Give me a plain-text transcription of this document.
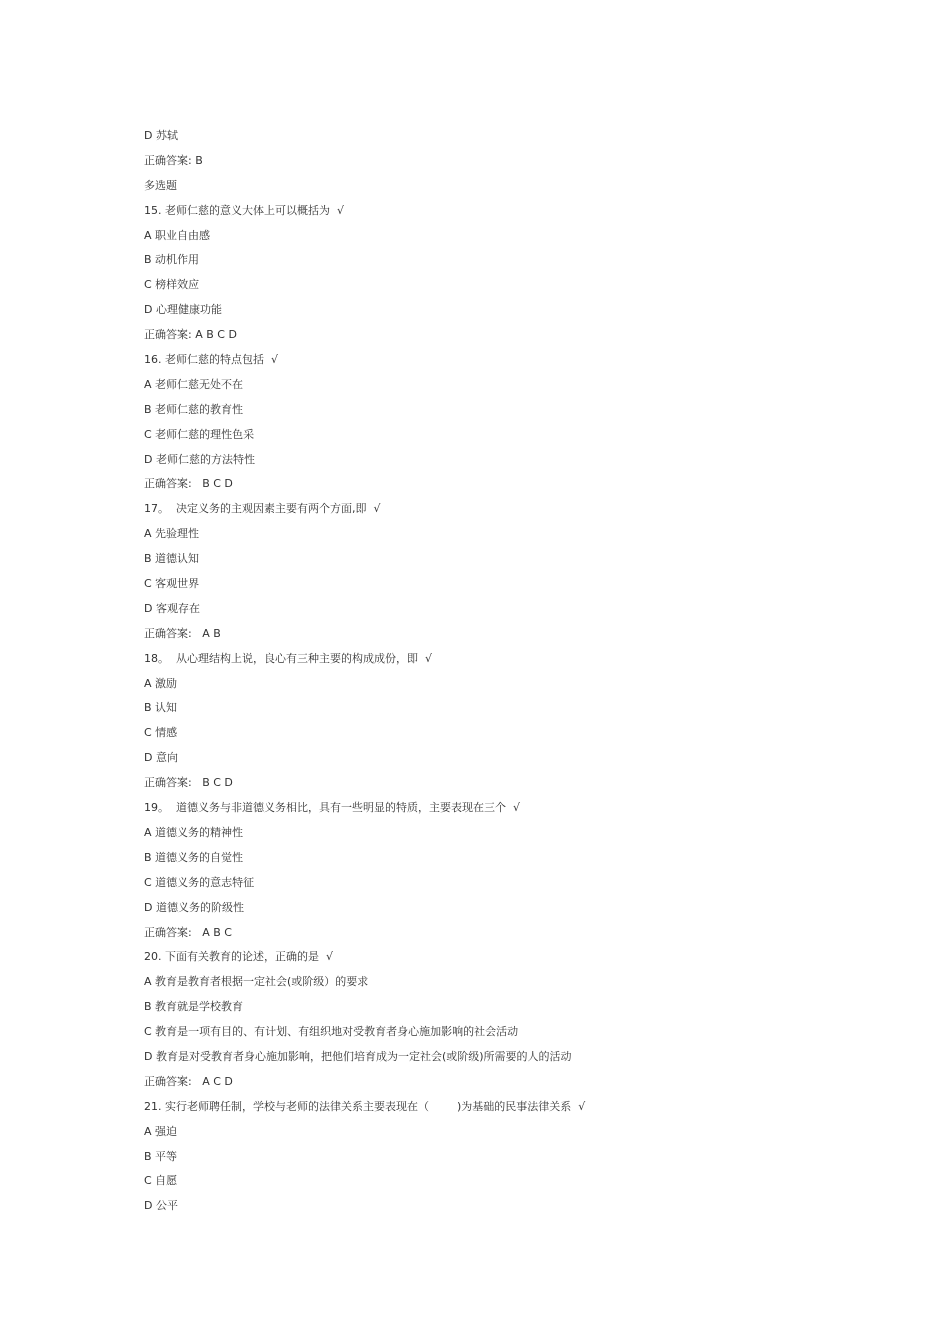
D 苏轼
正确答案: B
多选题
15. 老师仁慈的意义大体上可以概括为  √
A 职业自由感
B 动机作用
C 榜样效应
D 心理健康功能
正确答案: A B C D
16. 老师仁慈的特点包括  √
A 老师仁慈无处不在
B 老师仁慈的教育性
C 老师仁慈的理性色采
D 老师仁慈的方法特性
正确答案:   B C D
17。  决定义务的主观因素主要有两个方面,即  √
A 先验理性
B 道德认知
C 客观世界
D 客观存在
正确答案:   A B
18。  从心理结构上说，良心有三种主要的构成成份，即  √
A 激励
B 认知
C 情感
D 意向
正确答案:   B C D
19。  道德义务与非道德义务相比，具有一些明显的特质，主要表现在三个  √
A 道德义务的精神性
B 道德义务的自觉性
C 道德义务的意志特征
D 道德义务的阶级性
正确答案:   A B C
20. 下面有关教育的论述，正确的是  √
A 教育是教育者根据一定社会(或阶级）的要求
B 教育就是学校教育
C 教育是一项有目的、有计划、有组织地对受教育者身心施加影响的社会活动
D 教育是对受教育者身心施加影响，把他们培育成为一定社会(或阶级)所需要的人的活动
正确答案:   A C D
21. 实行老师聘任制，学校与老师的法律关系主要表现在（        )为基础的民事法律关系  √
A 强迫
B 平等
C 自愿
D 公平
